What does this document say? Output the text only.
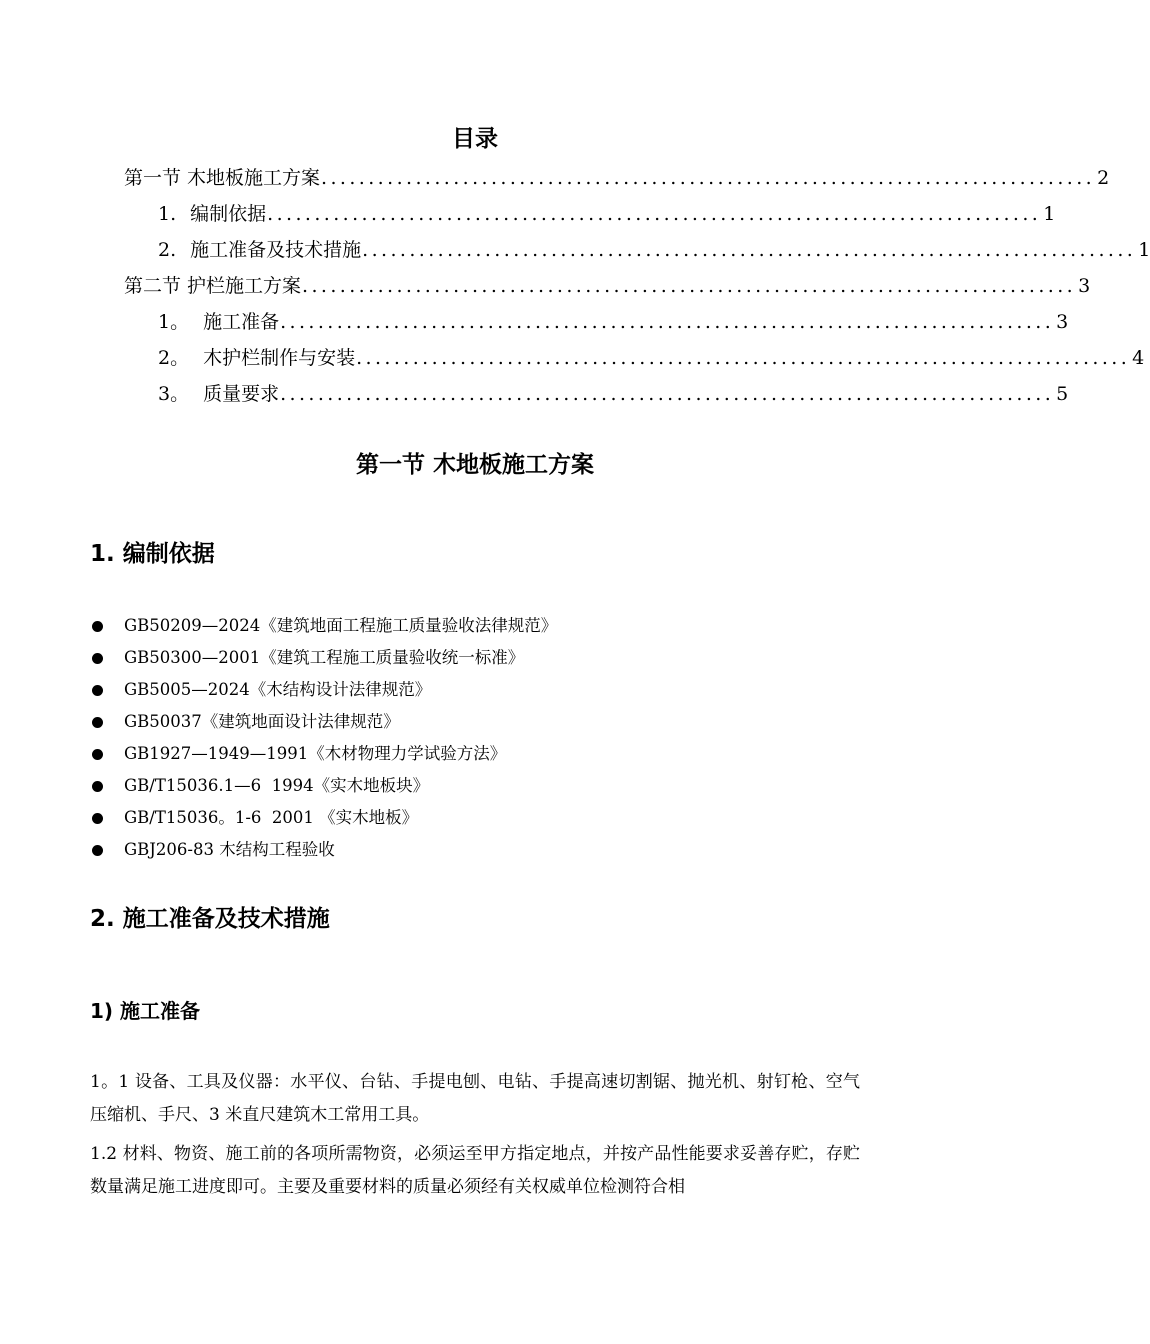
目录
第一节 木地板施工方案 .................................................................................. 2
1. 编制依据 .................................................................................. 1
2. 施工准备及技术措施 .................................................................................. 1
第二节 护栏施工方案 .................................................................................. 3
1。 施工准备 .................................................................................. 3
2。 木护栏制作与安装 .................................................................................. 4
3。 质量要求 .................................................................................. 5
第一节 木地板施工方案
1. 编制依据
GB50209—2024《建筑地面工程施工质量验收法律规范》
GB50300—2001《建筑工程施工质量验收统一标准》
GB5005—2024《木结构设计法律规范》
GB50037《建筑地面设计法律规范》
GB1927—1949—1991《木材物理力学试验方法》
GB/T15036.1—6  1994《实木地板块》
GB/T15036。1-6  2001 《实木地板》
GBJ206-83 木结构工程验收
2. 施工准备及技术措施
1) 施工准备
1。1 设备、工具及仪器：水平仪、台钻、手提电刨、电钻、手提高速切割锯、抛光机、射钉枪、空气压缩机、手尺、3 米直尺建筑木工常用工具。
1.2 材料、物资、施工前的各项所需物资，必须运至甲方指定地点，并按产品性能要求妥善存贮，存贮数量满足施工进度即可。主要及重要材料的质量必须经有关权威单位检测符合相
